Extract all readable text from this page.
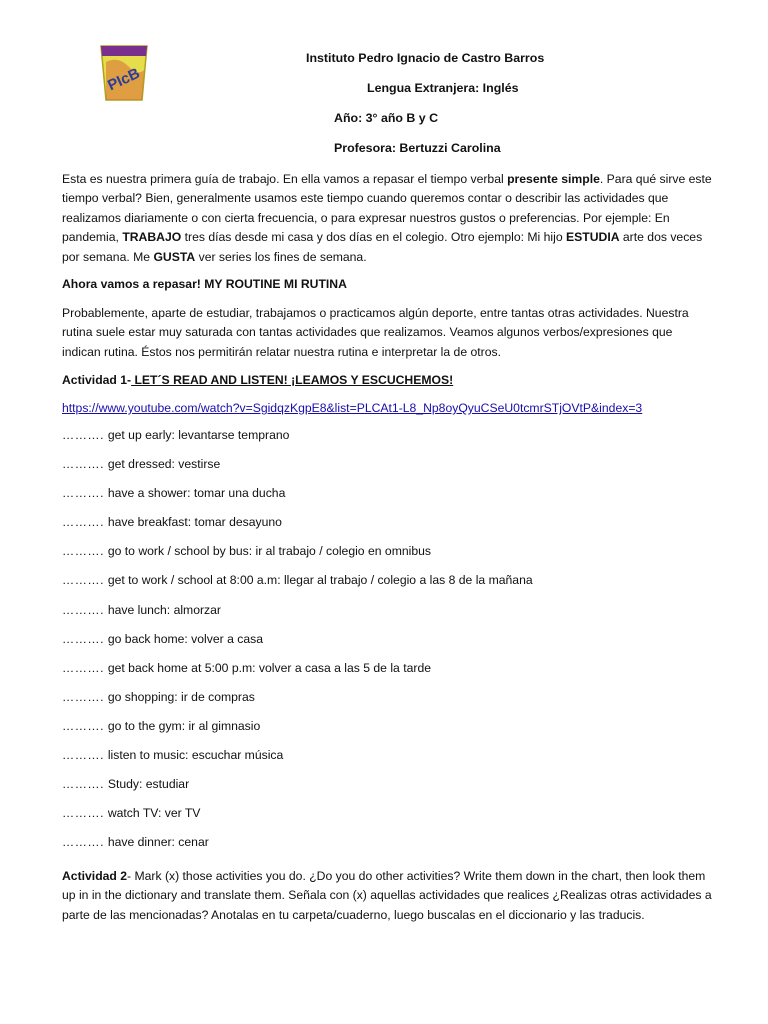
PIcB
Instituto Pedro Ignacio de Castro Barros
Lengua Extranjera: Inglés
Año: 3° año B y C
Profesora: Bertuzzi Carolina
Esta es nuestra primera guía de trabajo. En ella vamos a repasar el tiempo verbal presente simple. Para qué sirve este tiempo verbal? Bien, generalmente usamos este tiempo cuando queremos contar o describir las actividades que realizamos diariamente o con cierta frecuencia, o para expresar nuestros gustos o preferencias. Por ejemple: En pandemia, TRABAJO tres días desde mi casa y dos días en el colegio. Otro ejemplo: Mi hijo ESTUDIA arte dos veces por semana. Me GUSTA ver series los fines de semana.
Ahora vamos a repasar! MY ROUTINE MI RUTINA
Probablemente, aparte de estudiar, trabajamos o practicamos algún deporte, entre tantas otras actividades. Nuestra rutina suele estar muy saturada con tantas actividades que realizamos. Veamos algunos verbos/expresiones que indican rutina. Éstos nos permitirán relatar nuestra rutina e interpretar la de otros.
Actividad 1- LET´S READ AND LISTEN! ¡LEAMOS Y ESCUCHEMOS!
https://www.youtube.com/watch?v=SgidqzKgpE8&list=PLCAt1-L8_Np8oyQyuCSeU0tcmrSTjOVtP&index=3
………. get up early: levantarse temprano
………. get dressed: vestirse
………. have a shower: tomar una ducha
………. have breakfast: tomar desayuno
………. go to work / school by bus: ir al trabajo / colegio en omnibus
………. get to work / school at 8:00 a.m: llegar al trabajo / colegio a las 8 de la mañana
………. have lunch: almorzar
………. go back home: volver a casa
………. get back home at 5:00 p.m: volver a casa a las 5 de la tarde
………. go shopping: ir de compras
………. go to the gym: ir al gimnasio
………. listen to music: escuchar música
………. Study: estudiar
………. watch TV: ver TV
………. have dinner: cenar
Actividad 2- Mark (x) those activities you do. ¿Do you do other activities? Write them down in the chart, then look them up in in the dictionary and translate them. Señala con (x) aquellas actividades que realices ¿Realizas otras actividades a parte de las mencionadas? Anotalas en tu carpeta/cuaderno, luego buscalas en el diccionario y las traducis.
